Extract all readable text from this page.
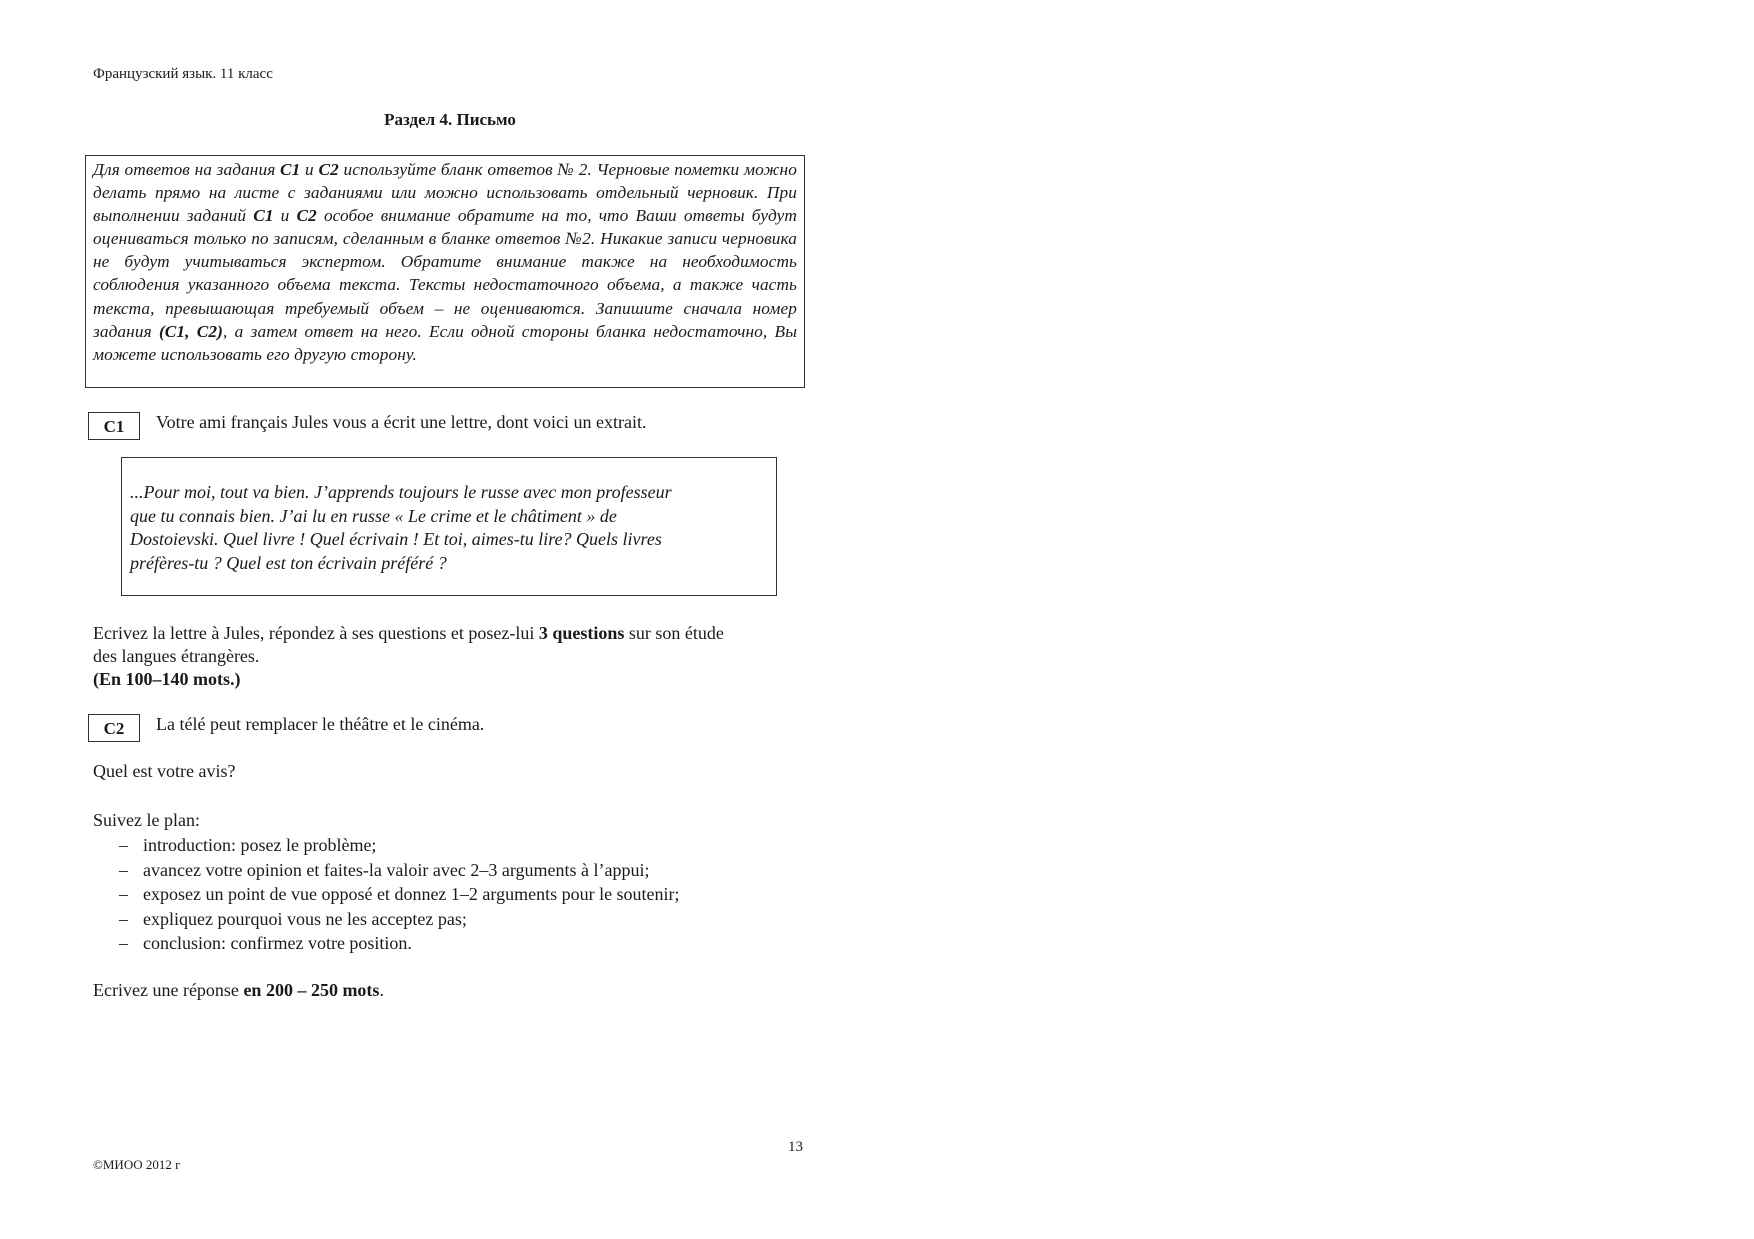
Французский язык. 11 класс
Раздел 4. Письмо

Для ответов на задания С1 и С2 используйте бланк ответов № 2. Черновые пометки можно делать прямо на листе с заданиями или можно использовать отдельный черновик. При выполнении заданий С1 и С2 особое внимание обратите на то, что Ваши ответы будут оцениваться только по записям, сделанным в бланке ответов №2. Никакие записи черновика не будут учитываться экспертом. Обратите внимание также на необходимость соблюдения указанного объема текста. Тексты недостаточного объема, а также часть текста, превышающая требуемый объем – не оцениваются. Запишите сначала номер задания (С1, С2), а затем ответ на него. Если одной стороны бланка недостаточно, Вы можете использовать его другую сторону.

C1	Votre ami français Jules vous a écrit une lettre, dont voici un extrait.

...Pour moi, tout va bien. J’apprends toujours le russe avec mon professeur

que tu connais bien. J’ai lu en russe « Le crime et le châtiment » de

Dostoievski. Quel livre ! Quel écrivain ! Et toi, aimes-tu lire? Quels livres

préfères-tu ? Quel est ton écrivain préféré ?

Ecrivez la lettre à Jules, répondez à ses questions et posez-lui 3 questions sur son étude
des langues étrangères.
(En 100–140 mots.)
C2	La télé peut remplacer le théâtre et le cinéma.
Quel est votre avis?
Suivez le plan:
– introduction: posez le problème;
– avancez votre opinion et faites-la valoir avec 2–3 arguments à l’appui;
– exposez un point de vue opposé et donnez 1–2 arguments pour le soutenir;
– expliquez pourquoi vous ne les acceptez pas;
– conclusion: confirmez votre position.
Ecrivez une réponse en 200 – 250 mots.
13
©МИОО 2012 г
